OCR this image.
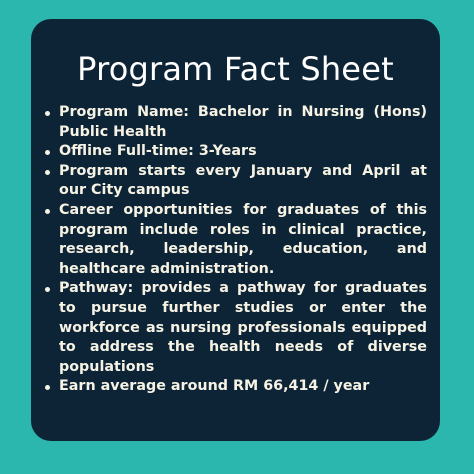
Program Fact Sheet
Program Name: Bachelor in Nursing (Hons) Public Health
Offline Full-time: 3-Years
Program starts every January and April at our City campus
Career opportunities for graduates of this program include roles in clinical practice, research, leadership, education, and healthcare administration.
Pathway: provides a pathway for graduates to pursue further studies or enter the workforce as nursing professionals equipped to address the health needs of diverse populations
Earn average around RM 66,414 / year
